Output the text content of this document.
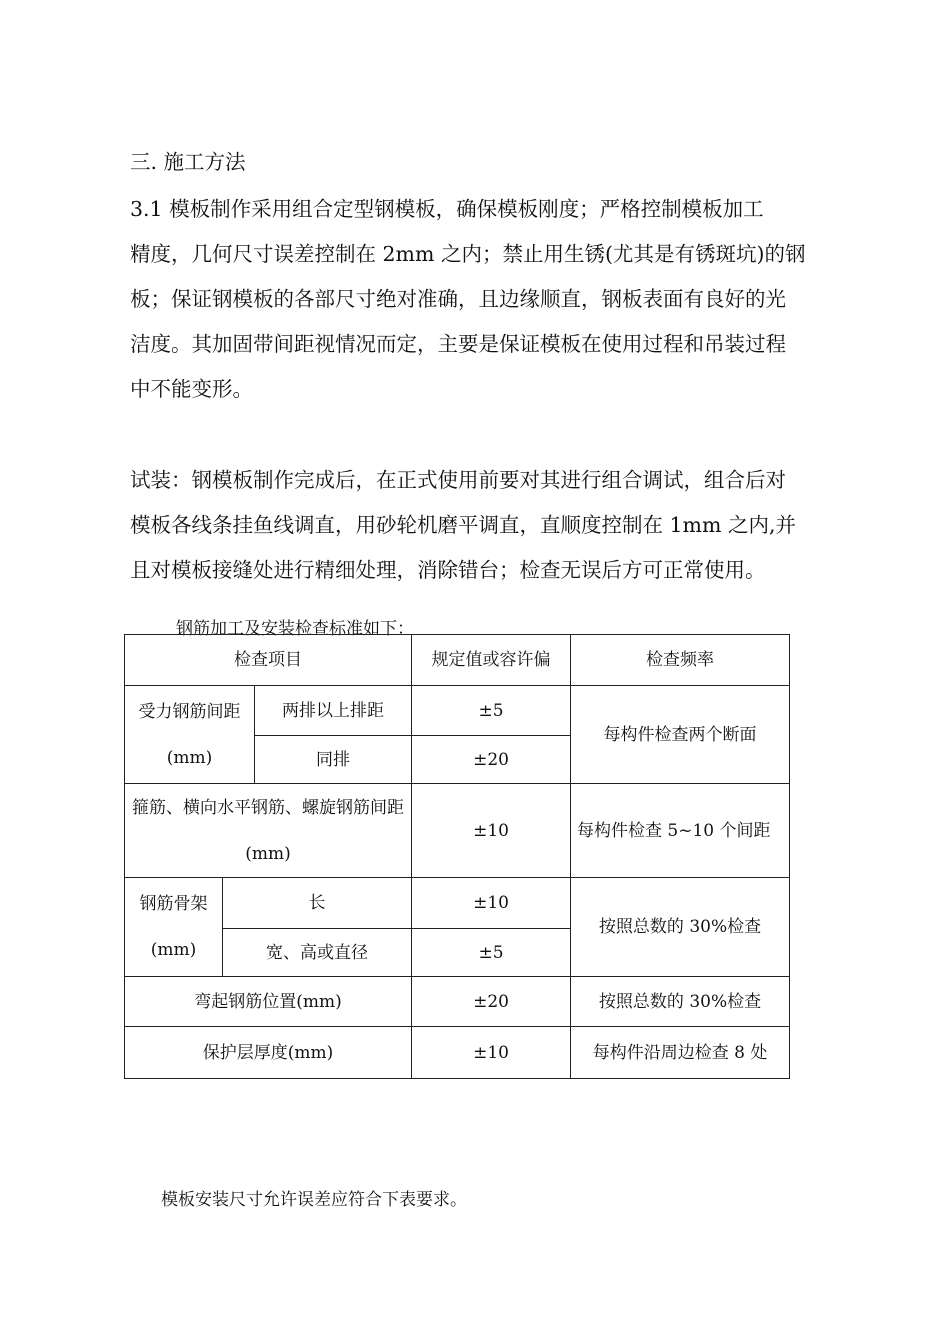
三. 施工方法
3.1 模板制作采用组合定型钢模板，确保模板刚度；严格控制模板加工
精度，几何尺寸误差控制在 2mm 之内；禁止用生锈(尤其是有锈斑坑)的钢
板；保证钢模板的各部尺寸绝对准确，且边缘顺直，钢板表面有良好的光
洁度。其加固带间距视情况而定，主要是保证模板在使用过程和吊装过程
中不能变形。
试装：钢模板制作完成后，在正式使用前要对其进行组合调试，组合后对
模板各线条挂鱼线调直，用砂轮机磨平调直，直顺度控制在 1mm 之内,并
且对模板接缝处进行精细处理，消除错台；检查无误后方可正常使用。
钢筋加工及安装检查标准如下：
检查项目			规定值或容许偏	检查频率
受力钢筋间距(mm)		两排以上排距	±5	每构件检查两个断面
		同排	±20	
箍筋、横向水平钢筋、螺旋钢筋间距(mm)			±10	每构件检查 5~10 个间距
钢筋骨架(mm)	长		±10	按照总数的 30%检查
	宽、高或直径		±5	
弯起钢筋位置(mm)			±20	按照总数的 30%检查
保护层厚度(mm)			±10	每构件沿周边检查 8 处
模板安装尺寸允许误差应符合下表要求。
